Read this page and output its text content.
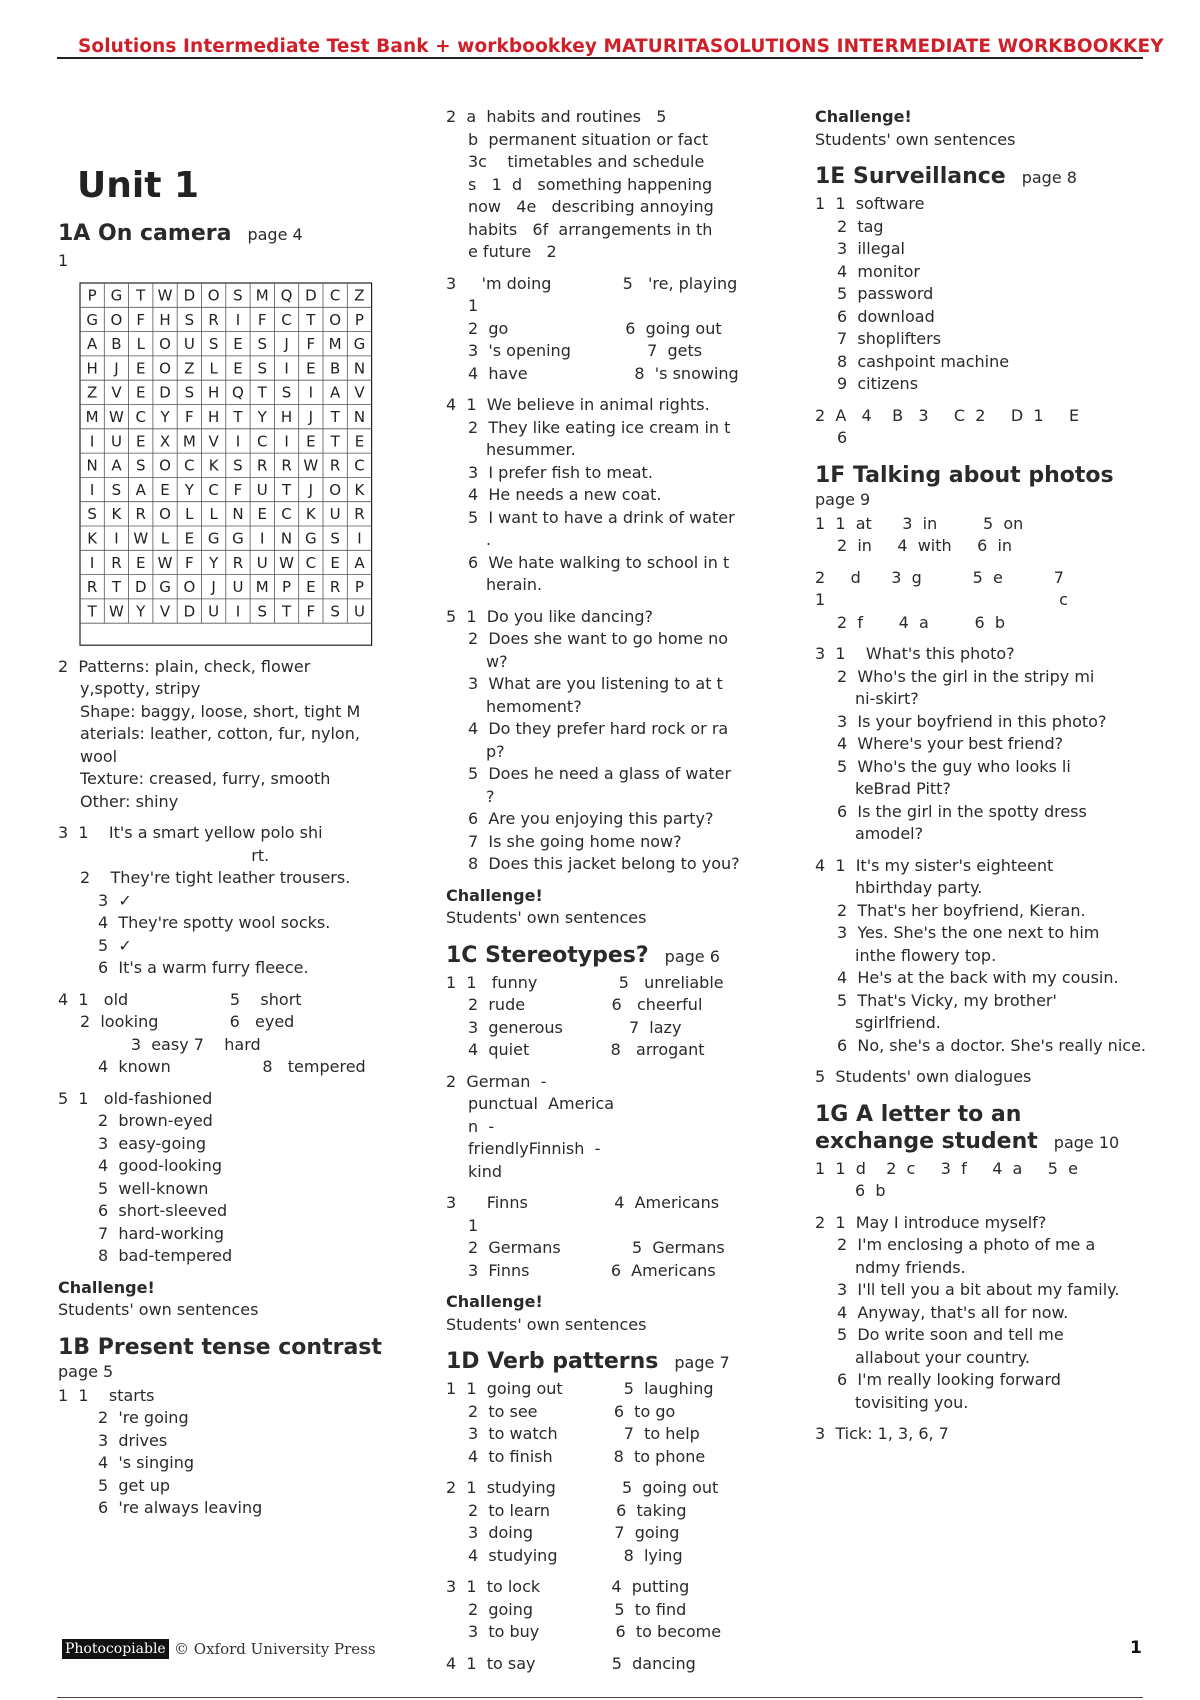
Solutions Intermediate Test Bank + workbookkey MATURITASOLUTIONS INTERMEDIATE WORKBOOKKEY
Unit 1
1A On camera page 4
1
P G T W D O S M Q D C Z
G O F H S R I F C T O P
A B L O U S E S J F M G
H J E O Z L E S I E B N
Z V E D S H Q T S I A V
M W C Y F H T Y H J T N
I U E X M V I C I E T E
N A S O C K S R R W R C
I S A E Y C F U T J O K
S K R O L L N E C K U R
K I W L E G G I N G S I
I R E W F Y R U W C E A
R T D G O J U M P E R P
T W Y V D U I S T F S U
2  Patterns: plain, check, flower
y,spotty, stripy
Shape: baggy, loose, short, tight M
aterials: leather, cotton, fur, nylon,
wool
Texture: creased, furry, smooth
Other: shiny
3  1    It's a smart yellow polo shi
rt.
2    They're tight leather trousers.
3  ✓
4  They're spotty wool socks.
5  ✓
6  It's a warm furry fleece.
4  1   old                    5    short
2  looking              6   eyed
3  easy 7    hard
4  known                  8   tempered
5  1   old-fashioned
2  brown-eyed
3  easy-going
4  good-looking
5  well-known
6  short-sleeved
7  hard-working
8  bad-tempered
Challenge!
Students' own sentences
1B Present tense contrast
page 5
1  1    starts
2  're going
3  drives
4  's singing
5  get up
6  're always leaving
2  a  habits and routines   5
b  permanent situation or fact
3c    timetables and schedule
s   1  d   something happening
now   4e   describing annoying
habits   6f  arrangements in th
e future   2
3     'm doing              5   're, playing
1
2  go                       6  going out
3  's opening               7  gets
4  have                     8  's snowing
4  1  We believe in animal rights.
2  They like eating ice cream in t
hesummer.
3  I prefer fish to meat.
4  He needs a new coat.
5  I want to have a drink of water
.
6  We hate walking to school in t
herain.
5  1  Do you like dancing?
2  Does she want to go home no
w?
3  What are you listening to at t
hemoment?
4  Do they prefer hard rock or ra
p?
5  Does he need a glass of water
?
6  Are you enjoying this party?
7  Is she going home now?
8  Does this jacket belong to you?
Challenge!
Students' own sentences
1C Stereotypes? page 6
1  1   funny                5   unreliable
2  rude                 6   cheerful
3  generous             7  lazy
4  quiet                8   arrogant
2  German  -
punctual  America
n  -
friendlyFinnish  -
kind
3      Finns                 4  Americans
1
2  Germans              5  Germans
3  Finns                6  Americans
Challenge!
Students' own sentences
1D Verb patterns page 7
1  1  going out            5  laughing
2  to see               6  to go
3  to watch             7  to help
4  to finish            8  to phone
2  1  studying             5  going out
2  to learn             6  taking
3  doing                7  going
4  studying             8  lying
3  1  to lock              4  putting
2  going                5  to find
3  to buy               6  to become
4  1  to say               5  dancing
Challenge!
Students' own sentences
1E Surveillance page 8
1  1  software
2  tag
3  illegal
4  monitor
5  password
6  download
7  shoplifters
8  cashpoint machine
9  citizens
2  A   4    B   3     C  2     D  1     E
6
1F Talking about photos
page 9
1  1  at      3  in         5  on
2  in     4  with     6  in
2     d      3  g          5  e          7
1                                              c
2  f       4  a         6  b
3  1    What's this photo?
2  Who's the girl in the stripy mi
ni-skirt?
3  Is your boyfriend in this photo?
4  Where's your best friend?
5  Who's the guy who looks li
keBrad Pitt?
6  Is the girl in the spotty dress
amodel?
4  1  It's my sister's eighteent
hbirthday party.
2  That's her boyfriend, Kieran.
3  Yes. She's the one next to him
inthe flowery top.
4  He's at the back with my cousin.
5  That's Vicky, my brother'
sgirlfriend.
6  No, she's a doctor. She's really nice.
5  Students' own dialogues
1G A letter to an exchange student page 10
1  1  d    2  c     3  f     4  a     5  e
6  b
2  1  May I introduce myself?
2  I'm enclosing a photo of me a
ndmy friends.
3  I'll tell you a bit about my family.
4  Anyway, that's all for now.
5  Do write soon and tell me
allabout your country.
6  I'm really looking forward
tovisiting you.
3  Tick: 1, 3, 6, 7
Photocopiable © Oxford University Press	1
